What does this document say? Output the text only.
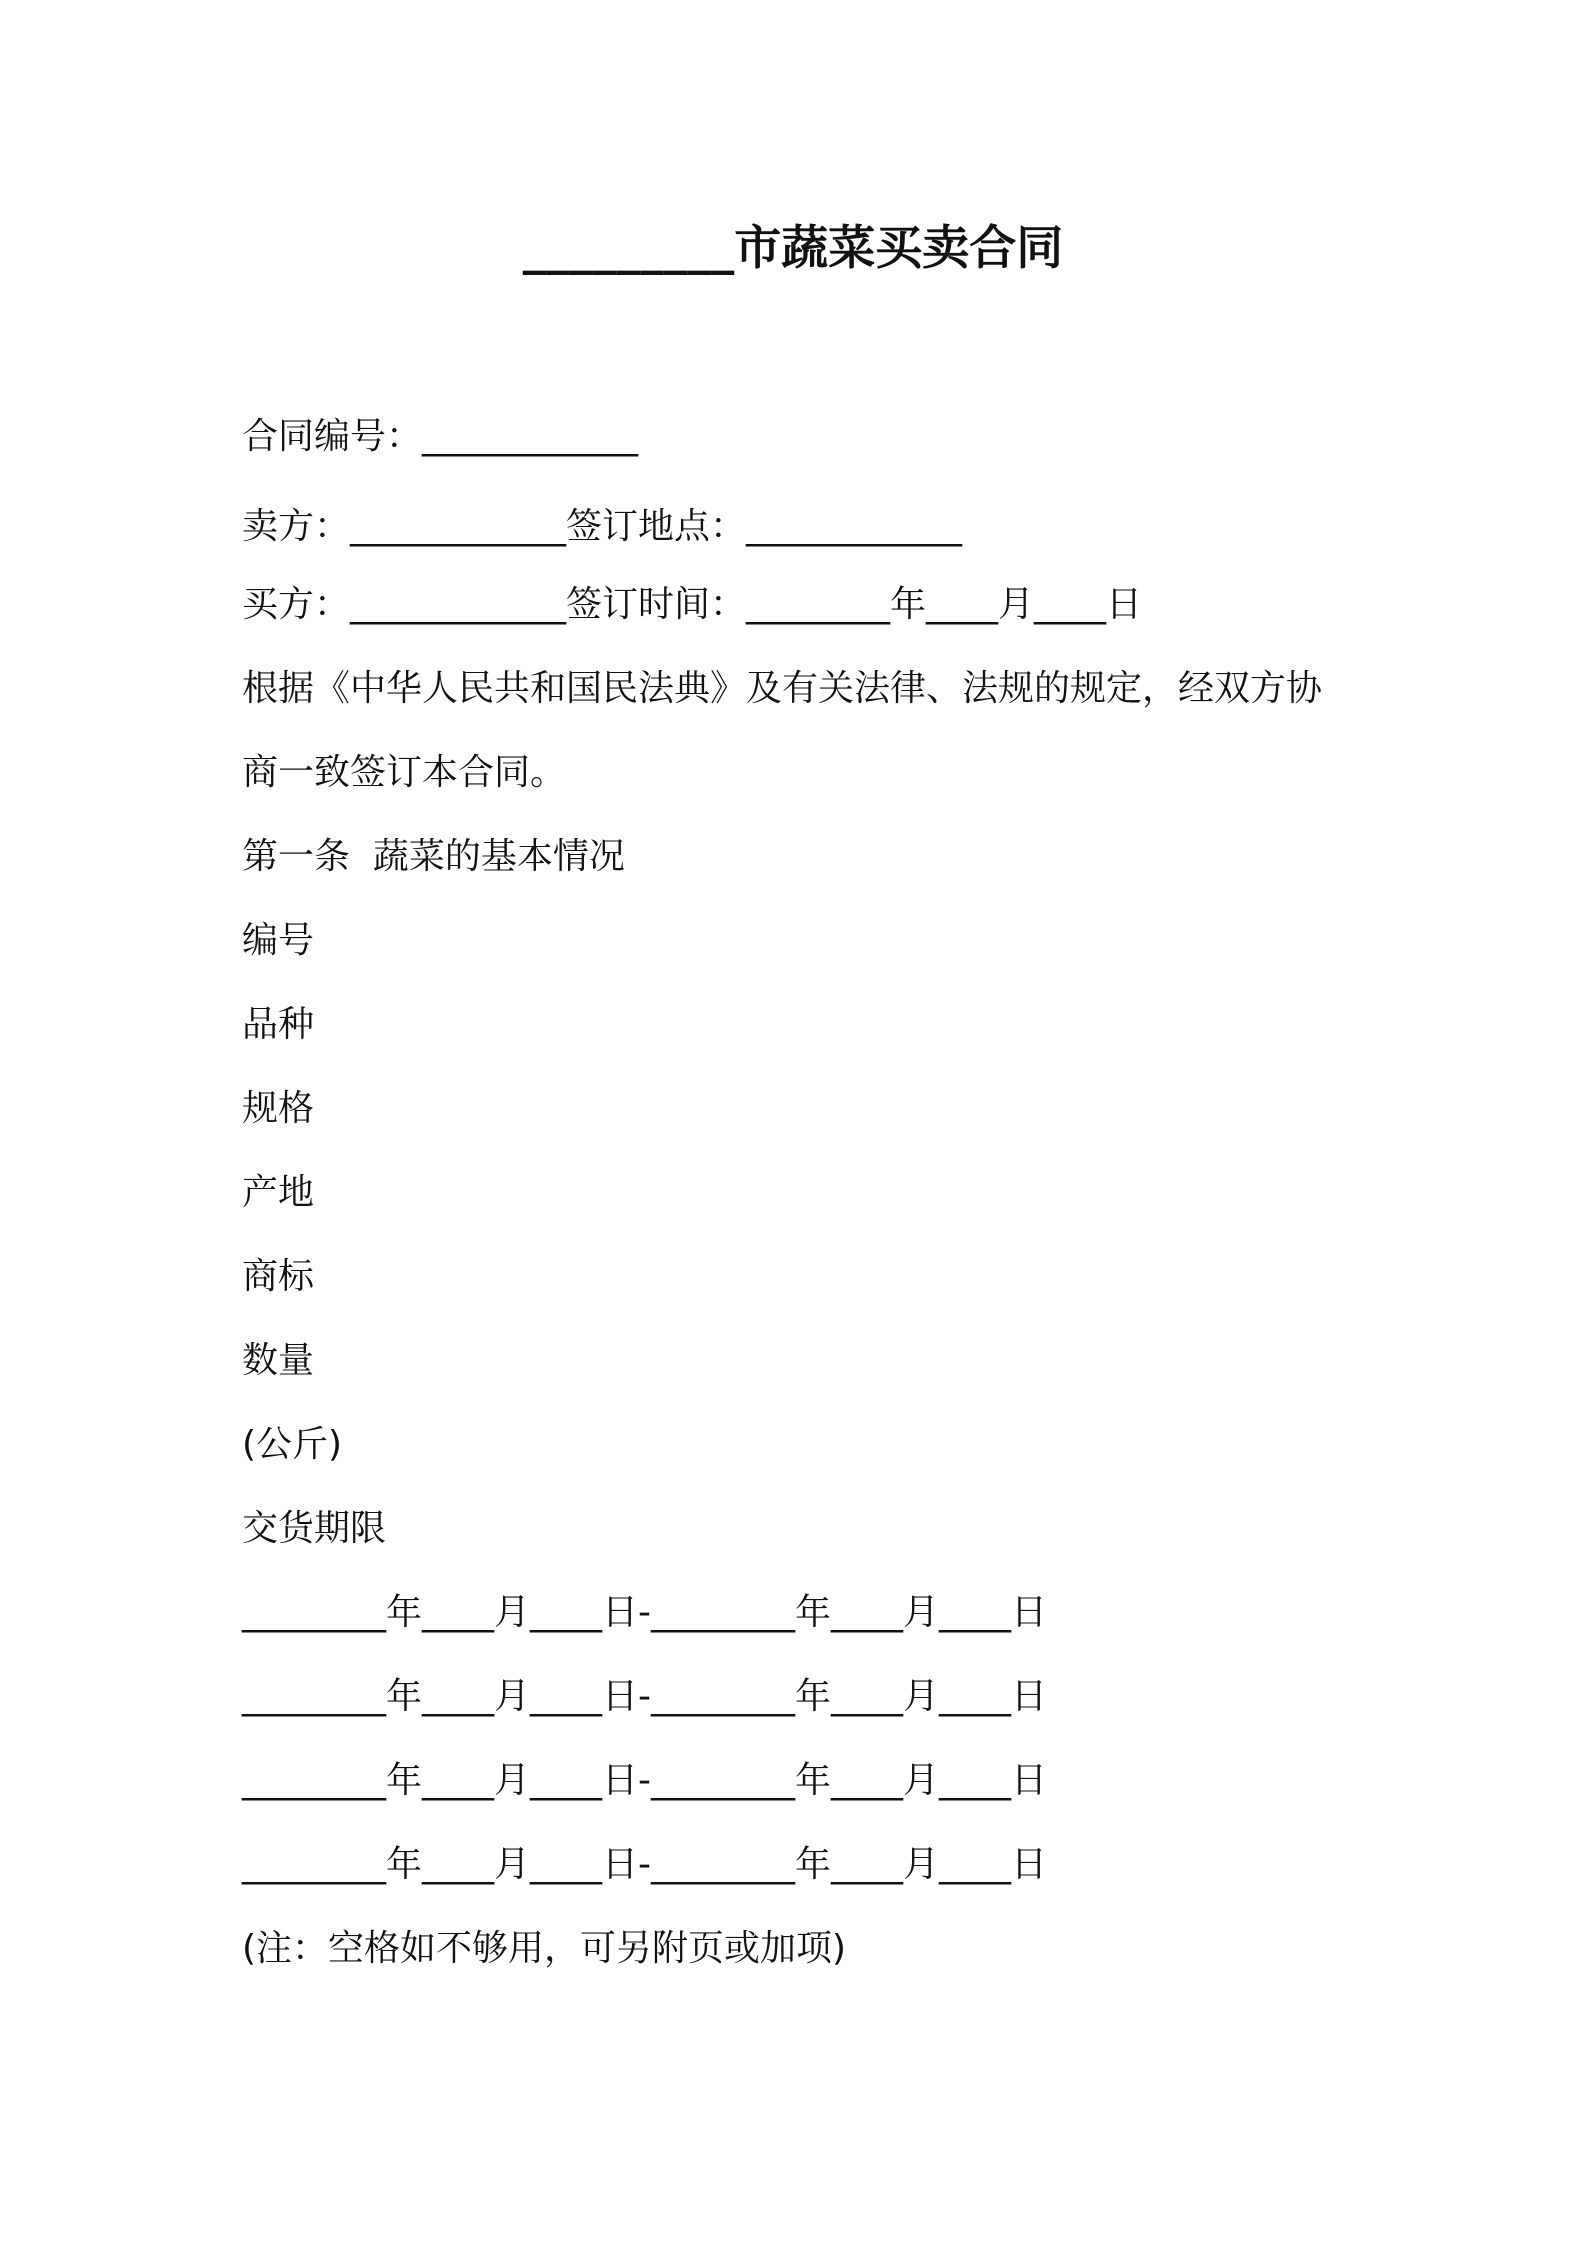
_________市蔬菜买卖合同
合同编号：____________
卖方：____________签订地点：____________
买方：____________签订时间：________年____月____日
根据《中华人民共和国民法典》及有关法律、法规的规定，经双方协
商一致签订本合同。
第一条  蔬菜的基本情况
编号
品种
规格
产地
商标
数量
(公斤)
交货期限
________年____月____日-________年____月____日
________年____月____日-________年____月____日
________年____月____日-________年____月____日
________年____月____日-________年____月____日
(注：空格如不够用，可另附页或加项)
